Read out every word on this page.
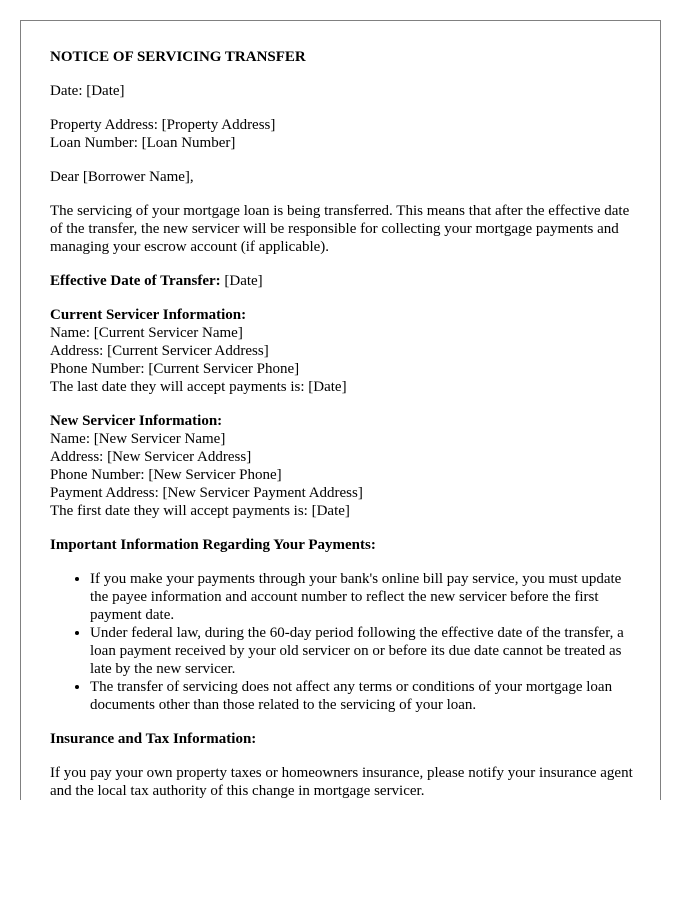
NOTICE OF SERVICING TRANSFER

Date: [Date]

Property Address: [Property Address]
Loan Number: [Loan Number]

Dear [Borrower Name],

The servicing of your mortgage loan is being transferred. This means that after the effective date of the transfer, the new servicer will be responsible for collecting your mortgage payments and managing your escrow account (if applicable).

Effective Date of Transfer: [Date]

Current Servicer Information:
Name: [Current Servicer Name]
Address: [Current Servicer Address]
Phone Number: [Current Servicer Phone]
The last date they will accept payments is: [Date]

New Servicer Information:
Name: [New Servicer Name]
Address: [New Servicer Address]
Phone Number: [New Servicer Phone]
Payment Address: [New Servicer Payment Address]
The first date they will accept payments is: [Date]

Important Information Regarding Your Payments:
• If you make your payments through your bank's online bill pay service, you must update the payee information and account number to reflect the new servicer before the first payment date.
• Under federal law, during the 60-day period following the effective date of the transfer, a loan payment received by your old servicer on or before its due date cannot be treated as late by the new servicer.
• The transfer of servicing does not affect any terms or conditions of your mortgage loan documents other than those related to the servicing of your loan.
Insurance and Tax Information:

If you pay your own property taxes or homeowners insurance, please notify your insurance agent and the local tax authority of this change in mortgage servicer.
